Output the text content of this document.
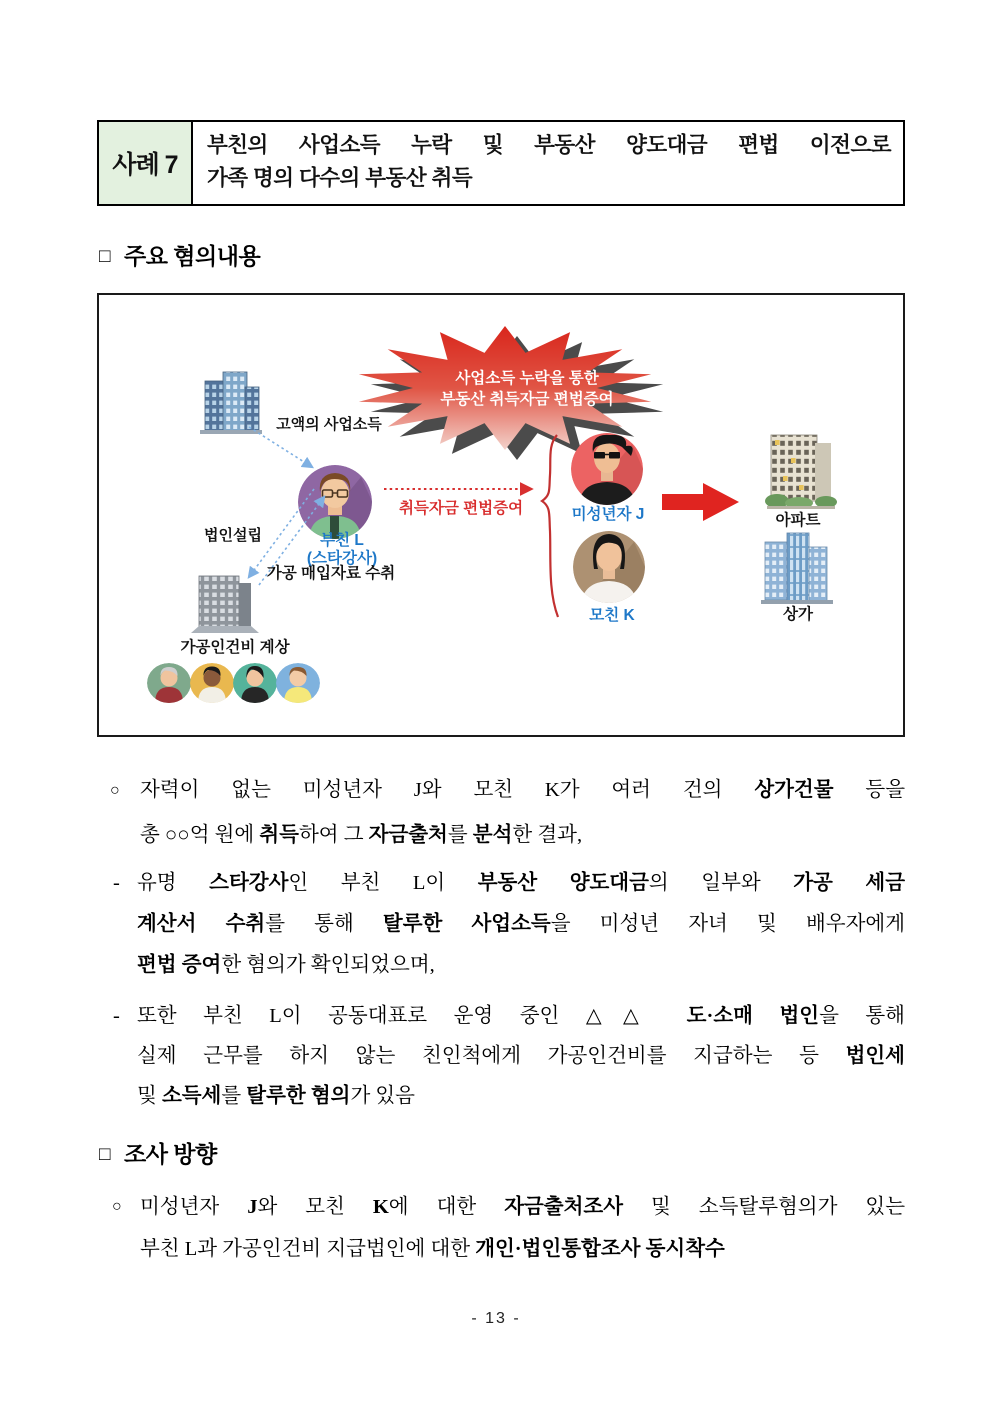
사례 7
부친의 사업소득 누락 및 부동산 양도대금 편법 이전으로
가족 명의 다수의 부동산 취득
□ 주요 혐의내용
사업소득 누락을 통한
부동산 취득자금 편법증여
고액의 사업소득
부친 L
(스타강사)
법인설립
가공 매입자료 수취
가공인건비 계상
취득자금 편법증여	미성년자 J
모친 K
아파트
상가
○ 자력이 없는 미성년자 J와 모친 K가 여러 건의 상가건물 등을
총 ○○억 원에 취득하여 그 자금출처를 분석한 결과,
- 유명 스타강사인 부친 L이 부동산 양도대금의 일부와 가공 세금
계산서 수취를 통해 탈루한 사업소득을 미성년 자녀 및 배우자에게
편법 증여한 혐의가 확인되었으며,
- 또한 부친 L이 공동대표로 운영 중인 △△ 도·소매 법인을 통해
실제 근무를 하지 않는 친인척에게 가공인건비를 지급하는 등 법인세
및 소득세를 탈루한 혐의가 있음
□ 조사 방향
○ 미성년자 J와 모친 K에 대한 자금출처조사 및 소득탈루혐의가 있는
부친 L과 가공인건비 지급법인에 대한 개인·법인통합조사 동시착수
- 13 -
